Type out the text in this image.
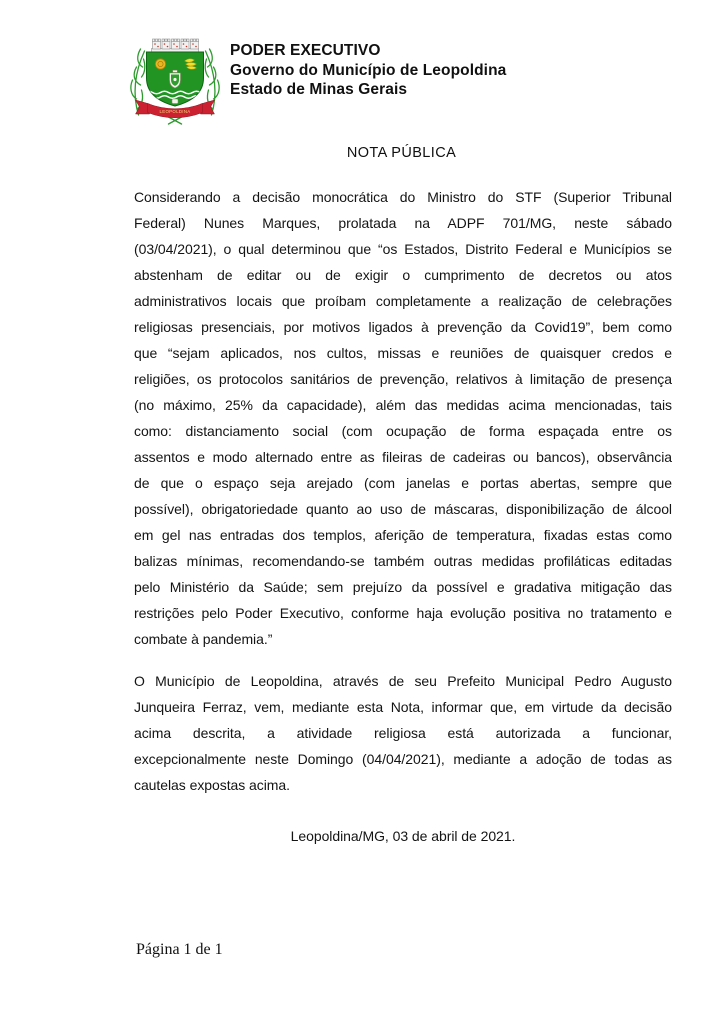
LEOPOLDINA
PODER EXECUTIVO
Governo do Município de Leopoldina
Estado de Minas Gerais
NOTA PÚBLICA
Considerando a decisão monocrática do Ministro do STF (Superior Tribunal
Federal) Nunes Marques, prolatada na ADPF 701/MG, neste sábado
(03/04/2021), o qual determinou que “os Estados, Distrito Federal e Municípios se
abstenham de editar ou de exigir o cumprimento de decretos ou atos
administrativos locais que proíbam completamente a realização de celebrações
religiosas presenciais, por motivos ligados à prevenção da Covid19”, bem como
que “sejam aplicados, nos cultos, missas e reuniões de quaisquer credos e
religiões, os protocolos sanitários de prevenção, relativos à limitação de presença
(no máximo, 25% da capacidade), além das medidas acima mencionadas, tais
como: distanciamento social (com ocupação de forma espaçada entre os
assentos e modo alternado entre as fileiras de cadeiras ou bancos), observância
de que o espaço seja arejado (com janelas e portas abertas, sempre que
possível), obrigatoriedade quanto ao uso de máscaras, disponibilização de álcool
em gel nas entradas dos templos, aferição de temperatura, fixadas estas como
balizas mínimas, recomendando-se também outras medidas profiláticas editadas
pelo Ministério da Saúde; sem prejuízo da possível e gradativa mitigação das
restrições pelo Poder Executivo, conforme haja evolução positiva no tratamento e
combate à pandemia.”
O Município de Leopoldina, através de seu Prefeito Municipal Pedro Augusto
Junqueira Ferraz, vem, mediante esta Nota, informar que, em virtude da decisão
acima descrita, a atividade religiosa está autorizada a funcionar,
excepcionalmente neste Domingo (04/04/2021), mediante a adoção de todas as
cautelas expostas acima.
Leopoldina/MG, 03 de abril de 2021.
Página 1 de 1
